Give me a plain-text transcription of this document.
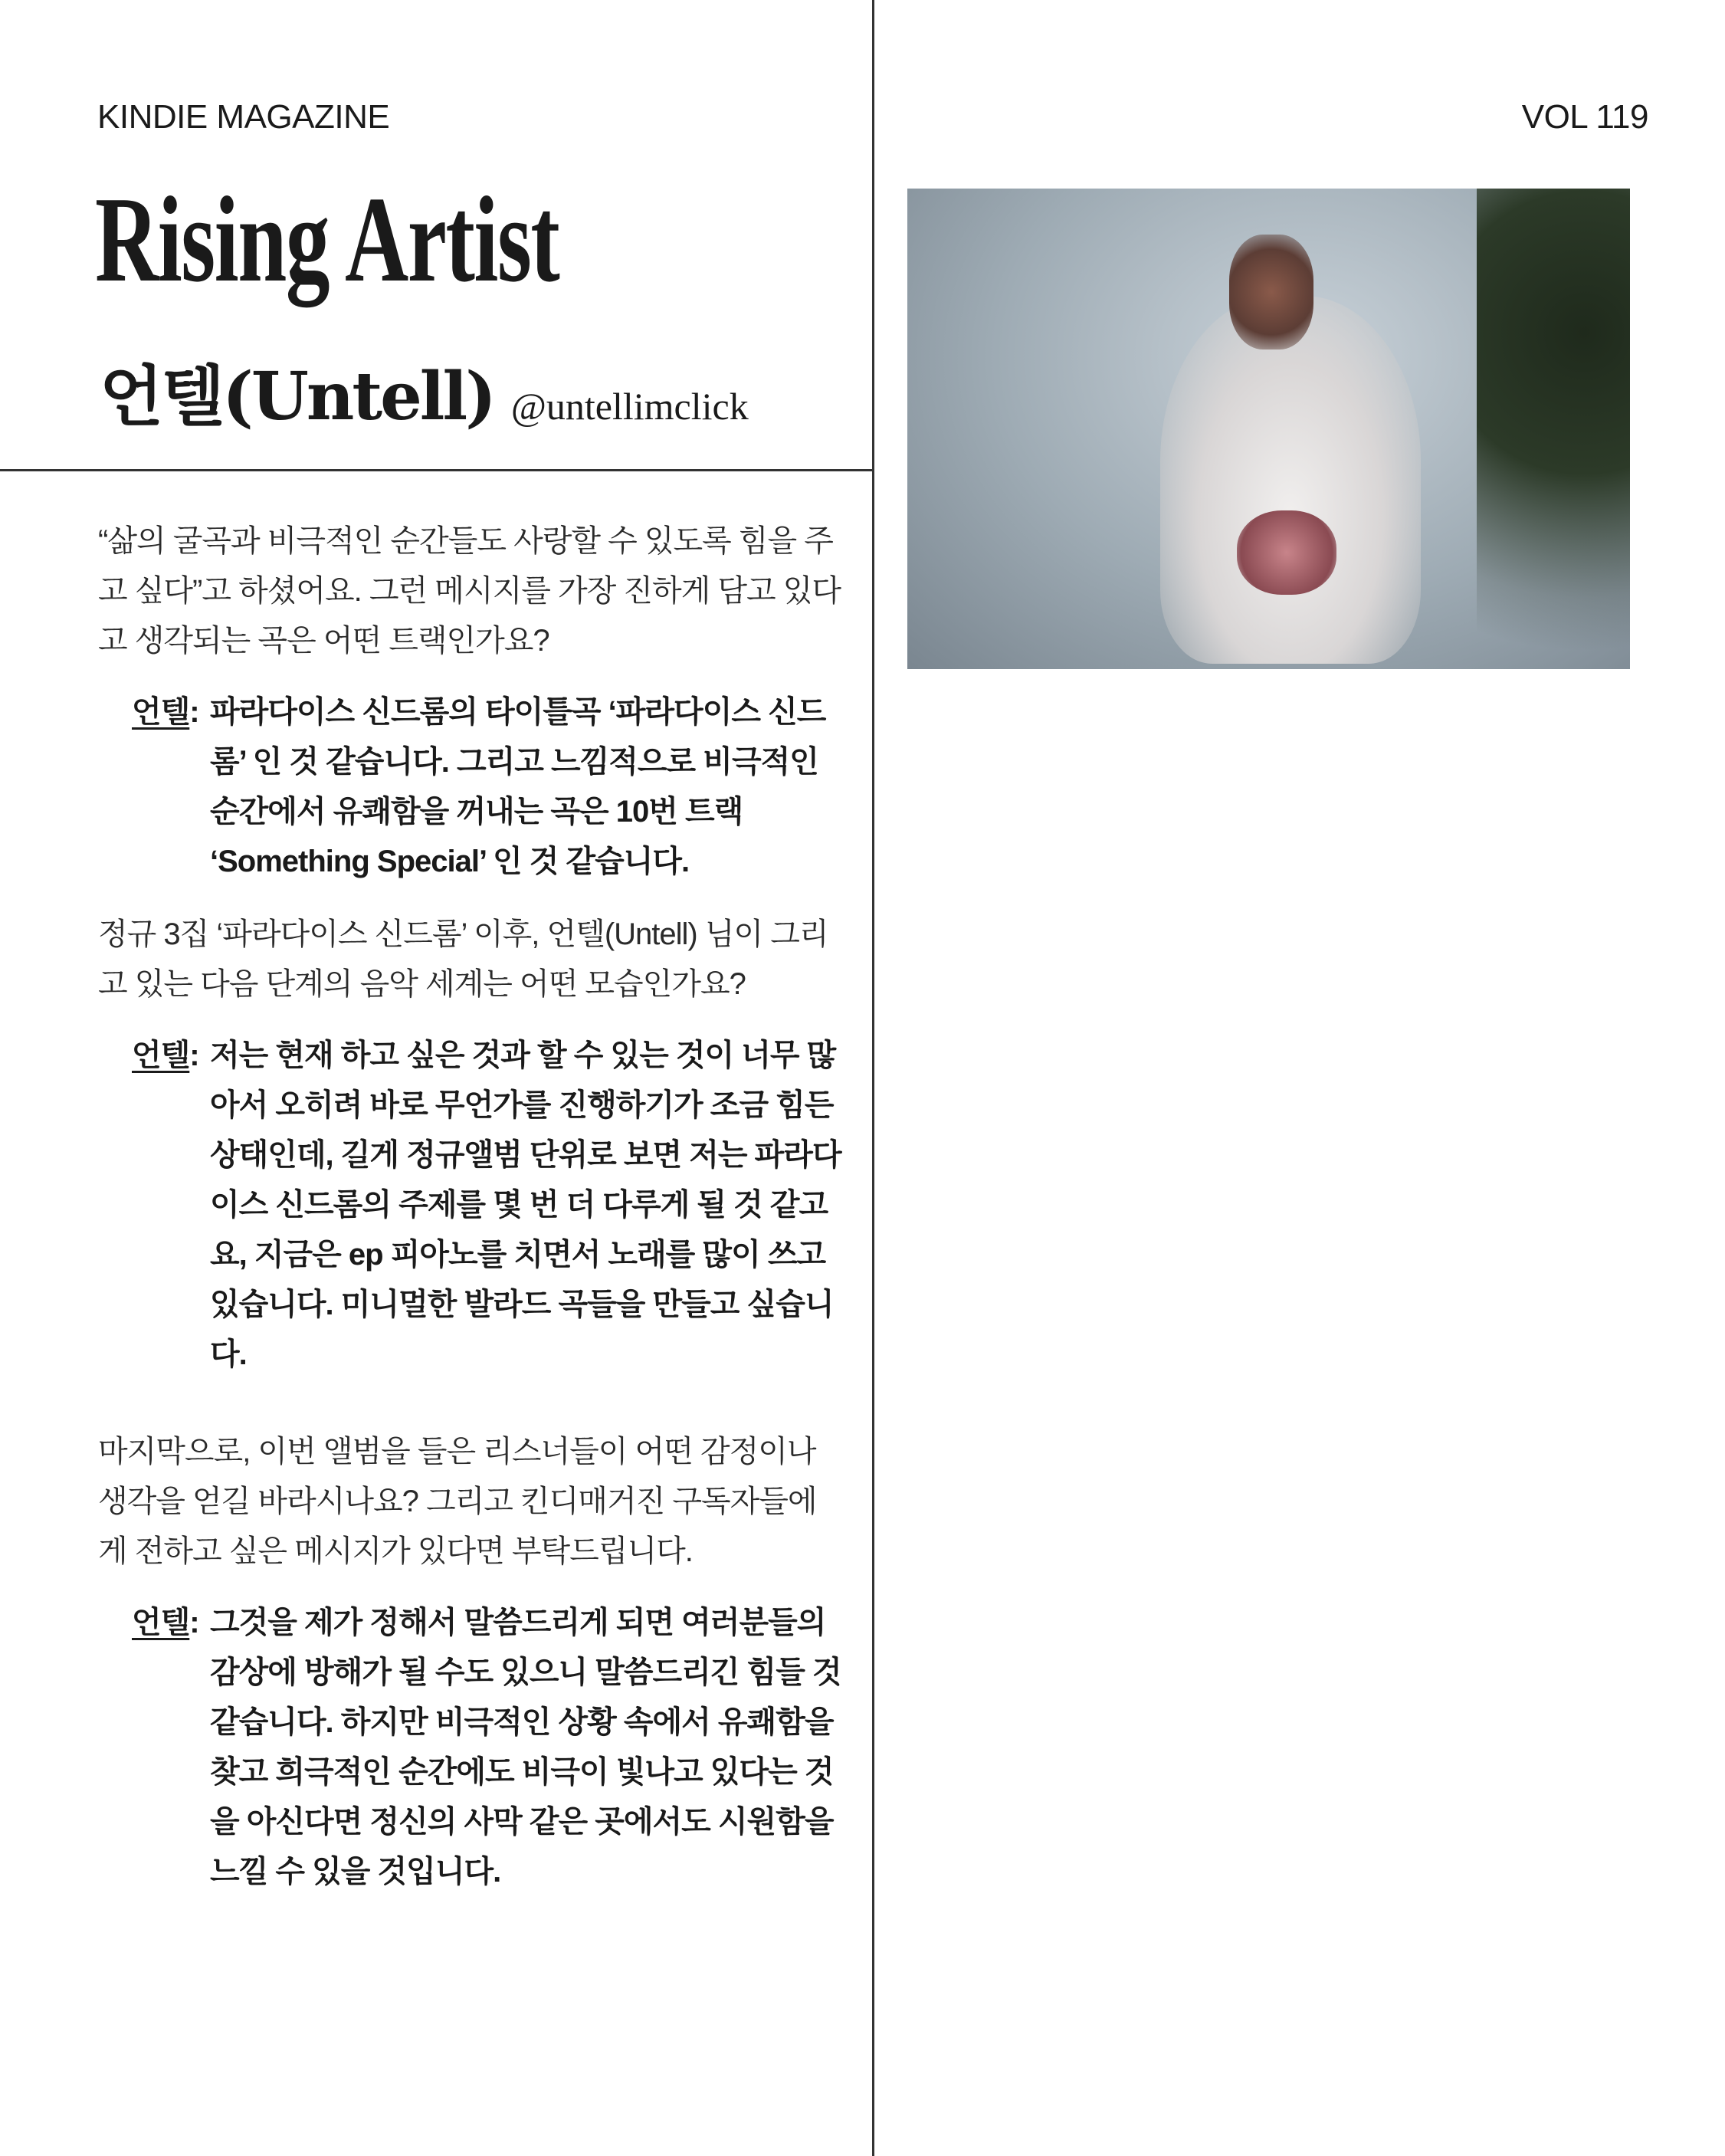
KINDIE MAGAZINE	VOL 119
Rising Artist
언텔(Untell) @untellimclick

“삶의 굴곡과 비극적인 순간들도 사랑할 수 있도록 힘을 주고 싶다”고 하셨어요. 그런 메시지를 가장 진하게 담고 있다고 생각되는 곡은 어떤 트랙인가요?

언텔: 파라다이스 신드롬의 타이틀곡 ‘파라다이스 신드롬’ 인 것 같습니다. 그리고 느낌적으로 비극적인 순간에서 유쾌함을 꺼내는 곡은 10번 트랙 ‘Something Special’ 인 것 같습니다.

정규 3집 ‘파라다이스 신드롬’ 이후, 언텔(Untell) 님이 그리고 있는 다음 단계의 음악 세계는 어떤 모습인가요?

언텔: 저는 현재 하고 싶은 것과 할 수 있는 것이 너무 많아서 오히려 바로 무언가를 진행하기가 조금 힘든 상태인데, 길게 정규앨범 단위로 보면 저는 파라다이스 신드롬의 주제를 몇 번 더 다루게 될 것 같고요, 지금은 ep 피아노를 치면서 노래를 많이 쓰고 있습니다. 미니멀한 발라드 곡들을 만들고 싶습니다.

마지막으로, 이번 앨범을 들은 리스너들이 어떤 감정이나 생각을 얻길 바라시나요? 그리고 킨디매거진 구독자들에게 전하고 싶은 메시지가 있다면 부탁드립니다.

언텔: 그것을 제가 정해서 말씀드리게 되면 여러분들의 감상에 방해가 될 수도 있으니 말씀드리긴 힘들 것 같습니다. 하지만 비극적인 상황 속에서 유쾌함을 찾고 희극적인 순간에도 비극이 빛나고 있다는 것을 아신다면 정신의 사막 같은 곳에서도 시원함을 느낄 수 있을 것입니다.
